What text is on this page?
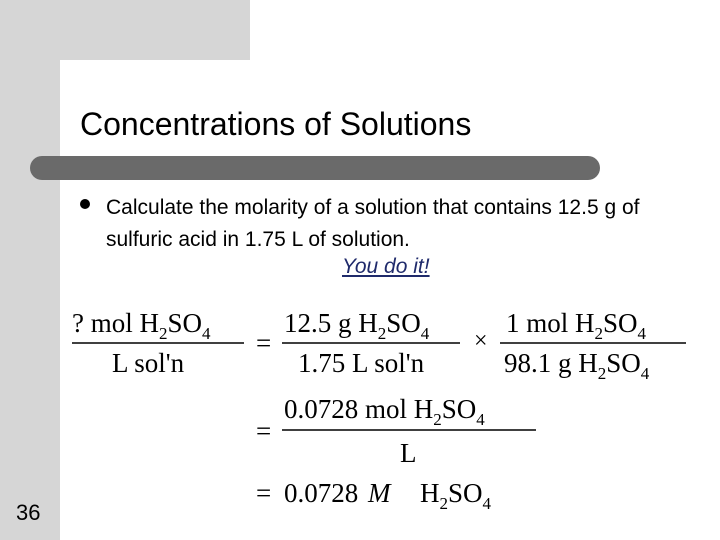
Concentrations of Solutions
Calculate the molarity of a solution that contains 12.5 g of sulfuric acid in 1.75 L of solution.
You do it!
? mol $H_2SO_4$
L sol'n
=
12.5 g $H_2SO_4$
1.75 L sol'n
×
1 mol $H_2SO_4$
98.1 g $H_2SO_4$
=
0.0728 mol $H_2SO_4$
L
= 0.0728 M $H_2SO_4$
36
